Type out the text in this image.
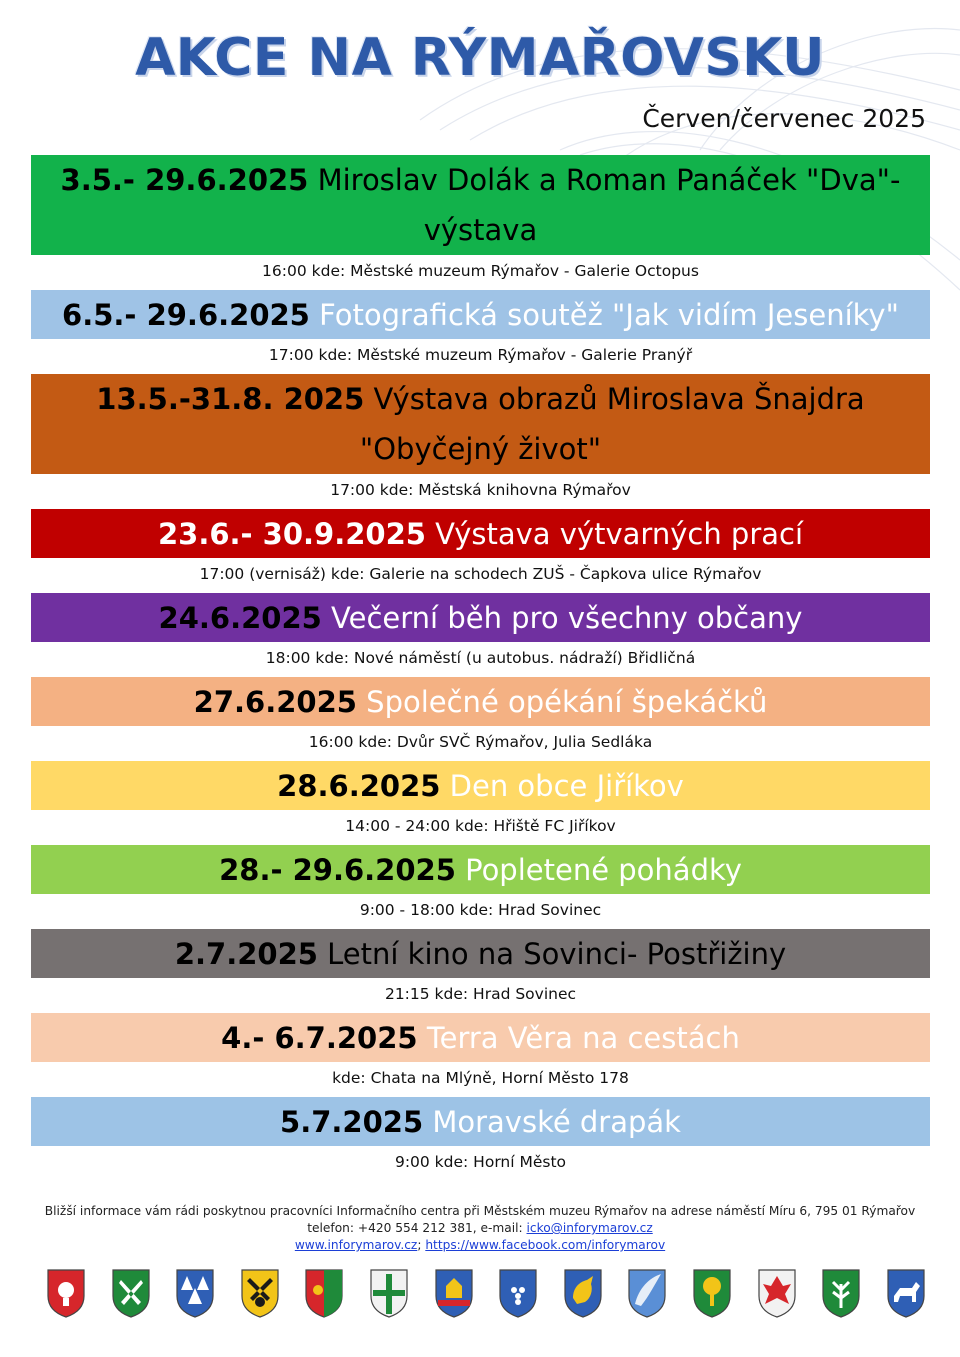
AKCE NA RÝMAŘOVSKU
Červen/červenec 2025
3.5.- 29.6.2025 Miroslav Dolák a Roman Panáček "Dva"- výstava
16:00 kde: Městské muzeum Rýmařov - Galerie Octopus
6.5.- 29.6.2025 Fotografická soutěž "Jak vidím Jeseníky"
17:00 kde: Městské muzeum Rýmařov - Galerie Pranýř
13.5.-31.8. 2025 Výstava obrazů Miroslava Šnajdra "Obyčejný život"
17:00 kde: Městská knihovna Rýmařov
23.6.- 30.9.2025 Výstava výtvarných prací
17:00 (vernisáž) kde: Galerie na schodech ZUŠ - Čapkova ulice Rýmařov
24.6.2025 Večerní běh pro všechny občany
18:00 kde: Nové náměstí (u autobus. nádraží) Břidličná
27.6.2025 Společné opékání špekáčků
16:00 kde: Dvůr SVČ Rýmařov, Julia Sedláka
28.6.2025 Den obce Jiříkov
14:00 - 24:00 kde: Hřiště FC Jiříkov
28.- 29.6.2025 Popletené pohádky
9:00 - 18:00 kde: Hrad Sovinec
2.7.2025 Letní kino na Sovinci- Postřižiny
21:15 kde: Hrad Sovinec
4.- 6.7.2025 Terra Věra na cestách
kde: Chata na Mlýně, Horní Město 178
5.7.2025 Moravské drapák
9:00 kde: Horní Město
Bližší informace vám rádi poskytnou pracovníci Informačního centra při Městském muzeu Rýmařov na adrese náměstí Míru 6, 795 01 Rýmařov
telefon: +420 554 212 381, e-mail: icko@inforymarov.cz
www.inforymarov.cz; https://www.facebook.com/inforymarov
